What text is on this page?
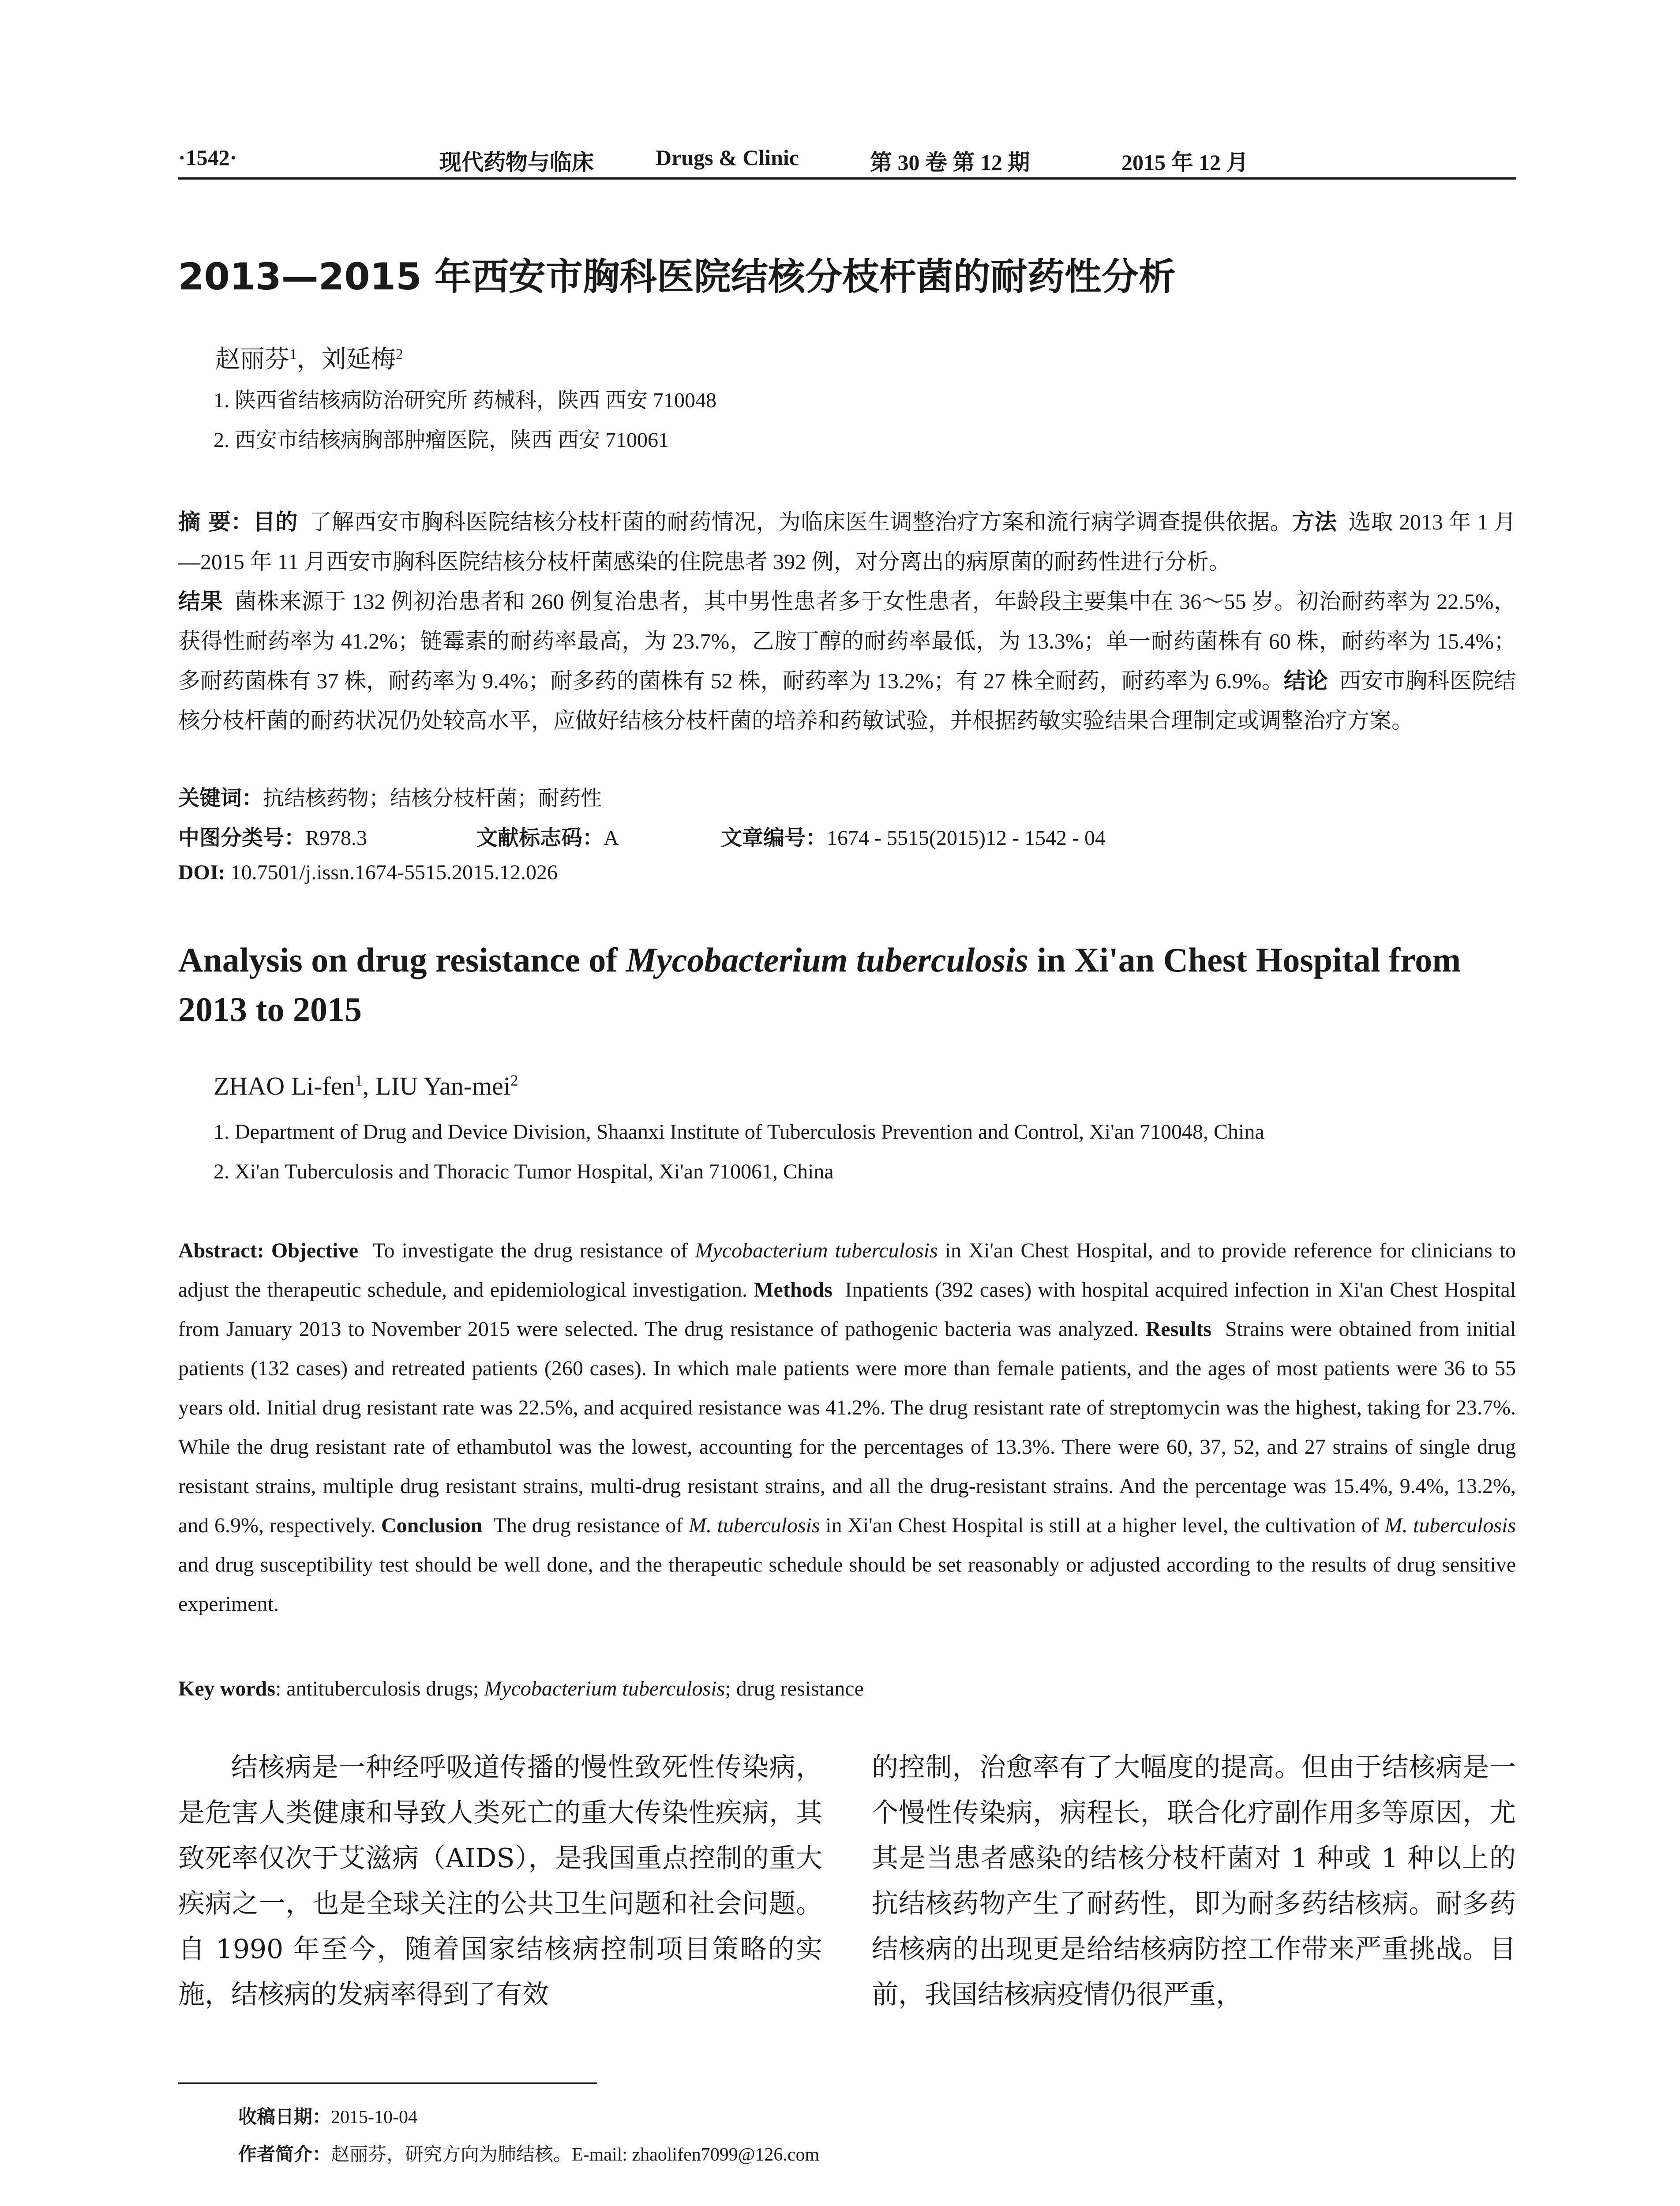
·1542·	现代药物与临床	Drugs & Clinic	第 30 卷 第 12 期	2015 年 12 月
2013—2015 年西安市胸科医院结核分枝杆菌的耐药性分析
赵丽芬$^1$，刘延梅$^2$
1. 陕西省结核病防治研究所 药械科，陕西 西安 710048
2. 西安市结核病胸部肿瘤医院，陕西 西安 710061
摘 要：目的 了解西安市胸科医院结核分枝杆菌的耐药情况，为临床医生调整治疗方案和流行病学调查提供依据。方法 选取 2013 年 1 月—2015 年 11 月西安市胸科医院结核分枝杆菌感染的住院患者 392 例，对分离出的病原菌的耐药性进行分析。
结果 菌株来源于 132 例初治患者和 260 例复治患者，其中男性患者多于女性患者，年龄段主要集中在 36～55 岁。初治耐药率为 22.5%，获得性耐药率为 41.2%；链霉素的耐药率最高，为 23.7%，乙胺丁醇的耐药率最低，为 13.3%；单一耐药菌株有 60 株，耐药率为 15.4%；多耐药菌株有 37 株，耐药率为 9.4%；耐多药的菌株有 52 株，耐药率为 13.2%；有 27 株全耐药，耐药率为 6.9%。结论 西安市胸科医院结核分枝杆菌的耐药状况仍处较高水平，应做好结核分枝杆菌的培养和药敏试验，并根据药敏实验结果合理制定或调整治疗方案。
关键词：抗结核药物；结核分枝杆菌；耐药性
中图分类号：R978.3	文献标志码：A	文章编号：1674 - 5515(2015)12 - 1542 - 04
DOI: 10.7501/j.issn.1674-5515.2015.12.026
Analysis on drug resistance of Mycobacterium tuberculosis in Xi'an Chest Hospital from 2013 to 2015
ZHAO Li-fen$^1$, LIU Yan-mei$^2$
1. Department of Drug and Device Division, Shaanxi Institute of Tuberculosis Prevention and Control, Xi'an 710048, China
2. Xi'an Tuberculosis and Thoracic Tumor Hospital, Xi'an 710061, China
Abstract: Objective To investigate the drug resistance of Mycobacterium tuberculosis in Xi'an Chest Hospital, and to provide reference for clinicians to adjust the therapeutic schedule, and epidemiological investigation. Methods Inpatients (392 cases) with hospital acquired infection in Xi'an Chest Hospital from January 2013 to November 2015 were selected. The drug resistance of pathogenic bacteria was analyzed. Results Strains were obtained from initial patients (132 cases) and retreated patients (260 cases). In which male patients were more than female patients, and the ages of most patients were 36 to 55 years old. Initial drug resistant rate was 22.5%, and acquired resistance was 41.2%. The drug resistant rate of streptomycin was the highest, taking for 23.7%. While the drug resistant rate of ethambutol was the lowest, accounting for the percentages of 13.3%. There were 60, 37, 52, and 27 strains of single drug resistant strains, multiple drug resistant strains, multi-drug resistant strains, and all the drug-resistant strains. And the percentage was 15.4%, 9.4%, 13.2%, and 6.9%, respectively. Conclusion The drug resistance of M. tuberculosis in Xi'an Chest Hospital is still at a higher level, the cultivation of M. tuberculosis and drug susceptibility test should be well done, and the therapeutic schedule should be set reasonably or adjusted according to the results of drug sensitive experiment.
Key words: antituberculosis drugs; Mycobacterium tuberculosis; drug resistance
结核病是一种经呼吸道传播的慢性致死性传染病，是危害人类健康和导致人类死亡的重大传染性疾病，其致死率仅次于艾滋病（AIDS），是我国重点控制的重大疾病之一，也是全球关注的公共卫生问题和社会问题。自 1990 年至今，随着国家结核病控制项目策略的实施，结核病的发病率得到了有效
的控制，治愈率有了大幅度的提高。但由于结核病是一个慢性传染病，病程长，联合化疗副作用多等原因，尤其是当患者感染的结核分枝杆菌对 1 种或 1 种以上的抗结核药物产生了耐药性，即为耐多药结核病。耐多药结核病的出现更是给结核病防控工作带来严重挑战。目前，我国结核病疫情仍很严重，
收稿日期：2015-10-04
作者简介：赵丽芬，研究方向为肺结核。E-mail: zhaolifen7099@126.com
